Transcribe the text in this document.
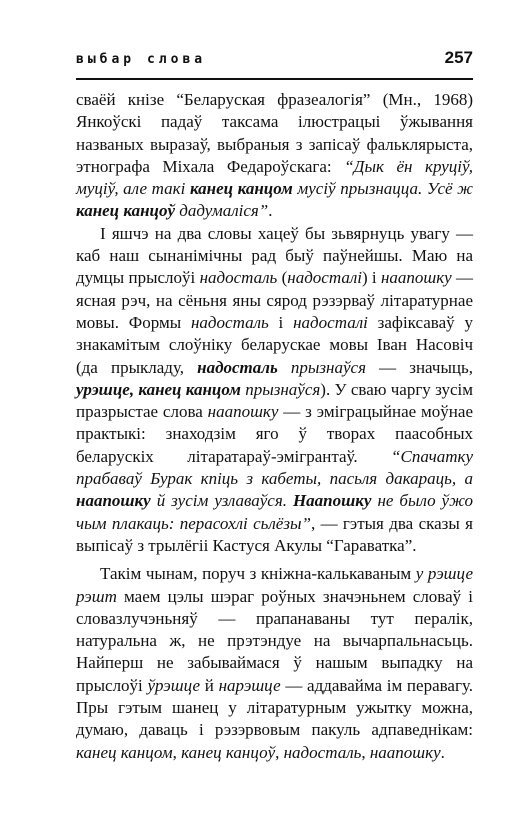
выбар слова	257

сваёй кнізе “Беларуская фразеалогія” (Мн., 1968) Янкоўскі падаў таксама ілюстрацыі ўжывання названых выразаў, выбраныя з запісаў фальклярыста, этнографа Міхала Федароўскага: “Дык ён круціў, муціў, але такі канец канцом мусіў прызнацца. Усё ж канец канцоў дадумаліся”.

І яшчэ на два словы хацеў бы зьвярнуць увагу — каб наш сынанімічны рад быў паўнейшы. Маю на думцы прыслоўі надосталь (надосталі) і наапошку — ясная рэч, на сёньня яны сярод рэзэрваў літаратурнае мовы. Формы надосталь і надосталі зафіксаваў у знакамітым слоўніку беларускае мовы Іван Насовіч (да прыкладу, надосталь прызнаўся — значыць, урэшце, канец канцом прызнаўся). У сваю чаргу зусім празрыстае слова наапошку — з эміграцыйнае моўнае практыкі: знаходзім яго ў творах паасобных беларускіх літаратараў-эмігрантаў. “Спачатку прабаваў Бурак кпіць з кабеты, пасьля дакараць, а наапошку й зусім узлаваўся. Наапошку не было ўжо чым плакаць: перасохлі сьлёзы”, — гэтыя два сказы я выпісаў з трылёгіі Кастуся Акулы “Гараватка”.

Такім чынам, поруч з кніжна-калькаваным у рэшце рэшт маем цэлы шэраг роўных значэньнем словаў і словазлучэньняў — прапанаваны тут пералік, натуральна ж, не прэтэндуе на вычарпальнасьць. Найперш не забываймася ў нашым выпадку на прыслоўі ўрэшце й нарэшце — аддавайма ім перавагу. Пры гэтым шанец у літаратурным ужытку можна, думаю, даваць і рэзэрвовым пакуль адпаведнікам: канец канцом, канец канцоў, надосталь, наапошку.
